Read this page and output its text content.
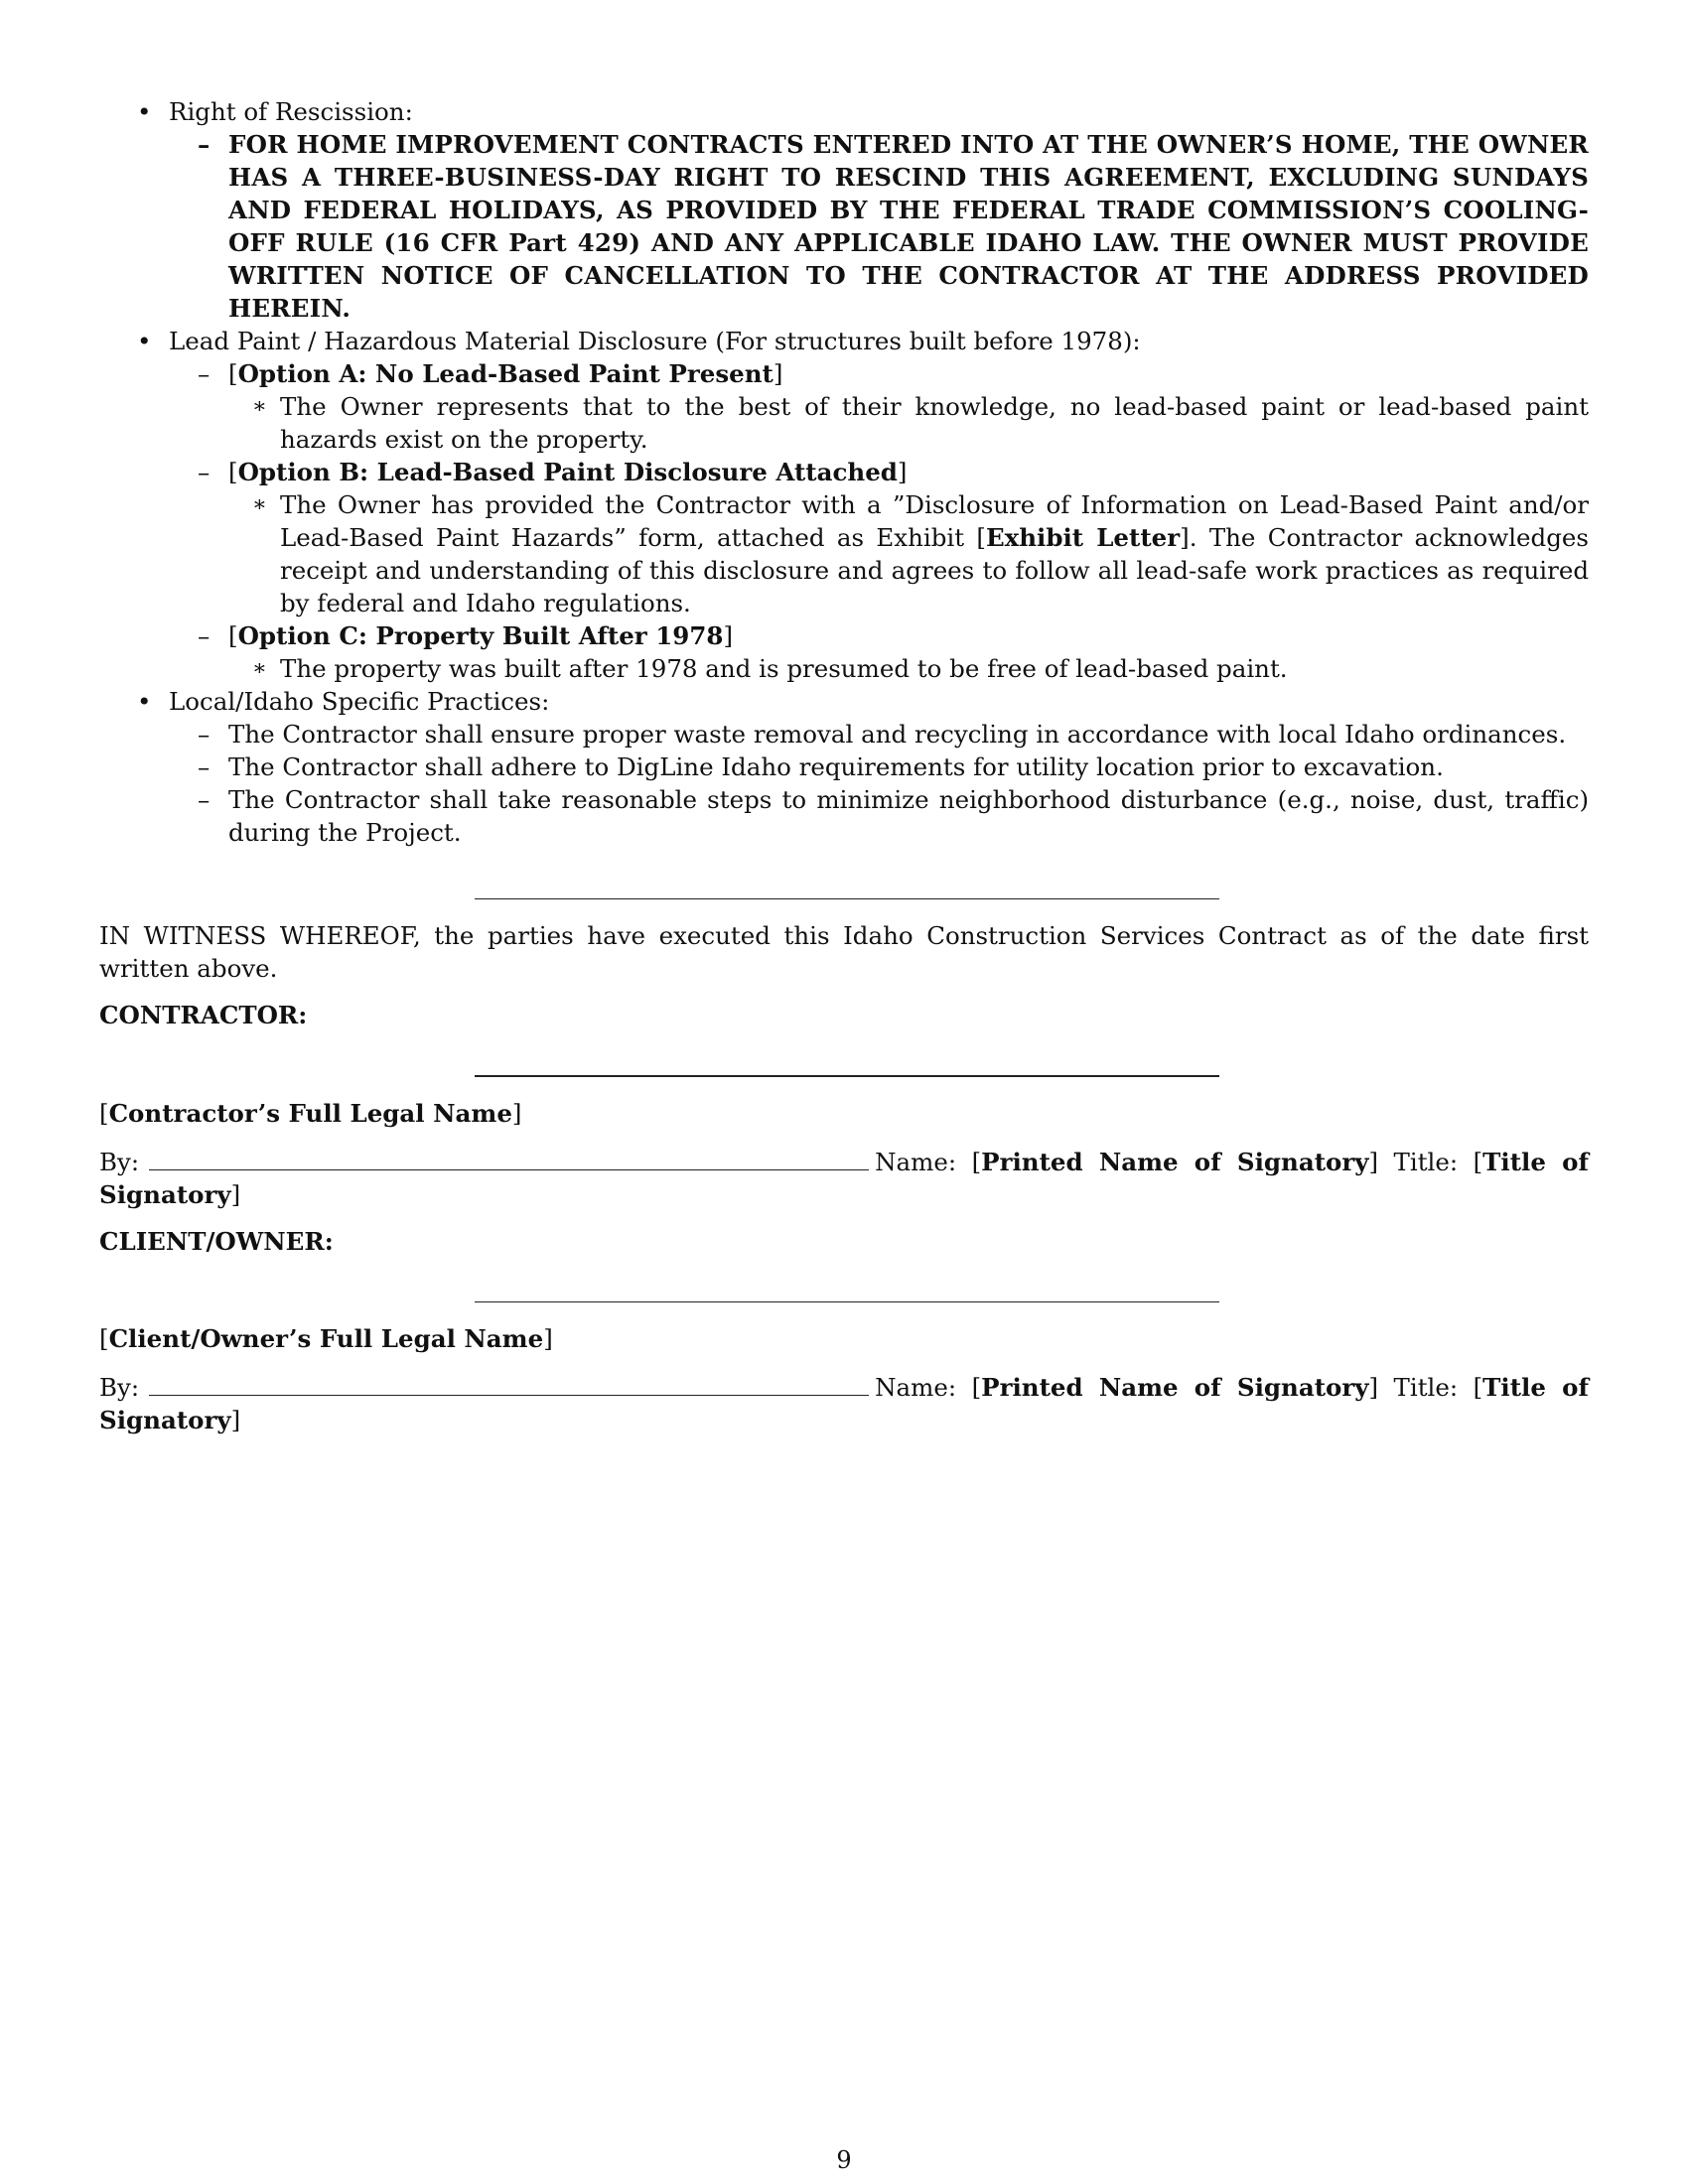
• Right of Rescission:
– FOR HOME IMPROVEMENT CONTRACTS ENTERED INTO AT THE OWNER’S HOME, THE OWNER HAS A THREE-BUSINESS-DAY RIGHT TO RESCIND THIS AGREEMENT, EXCLUDING SUNDAYS AND FEDERAL HOLIDAYS, AS PROVIDED BY THE FEDERAL TRADE COMMISSION’S COOLING-OFF RULE (16 CFR Part 429) AND ANY APPLICABLE IDAHO LAW. THE OWNER MUST PROVIDE WRITTEN NOTICE OF CANCELLATION TO THE CONTRACTOR AT THE ADDRESS PROVIDED HEREIN.
• Lead Paint / Hazardous Material Disclosure (For structures built before 1978):
– [Option A: No Lead-Based Paint Present]
∗ The Owner represents that to the best of their knowledge, no lead-based paint or lead-based paint hazards exist on the property.
– [Option B: Lead-Based Paint Disclosure Attached]
∗ The Owner has provided the Contractor with a ”Disclosure of Information on Lead-Based Paint and/or Lead-Based Paint Hazards” form, attached as Exhibit [Exhibit Letter]. The Contractor acknowledges receipt and understanding of this disclosure and agrees to follow all lead-safe work practices as required by federal and Idaho regulations.
– [Option C: Property Built After 1978]
∗ The property was built after 1978 and is presumed to be free of lead-based paint.
• Local/Idaho Specific Practices:
– The Contractor shall ensure proper waste removal and recycling in accordance with local Idaho ordinances.
– The Contractor shall adhere to DigLine Idaho requirements for utility location prior to excavation.
– The Contractor shall take reasonable steps to minimize neighborhood disturbance (e.g., noise, dust, traffic) during the Project.

IN WITNESS WHEREOF, the parties have executed this Idaho Construction Services Contract as of the date first written above.

CONTRACTOR:

[Contractor’s Full Legal Name]

By:	Name: [Printed Name of Signatory] Title: [Title of Signatory]

CLIENT/OWNER:

[Client/Owner’s Full Legal Name]

By:	Name: [Printed Name of Signatory] Title: [Title of Signatory]

9
